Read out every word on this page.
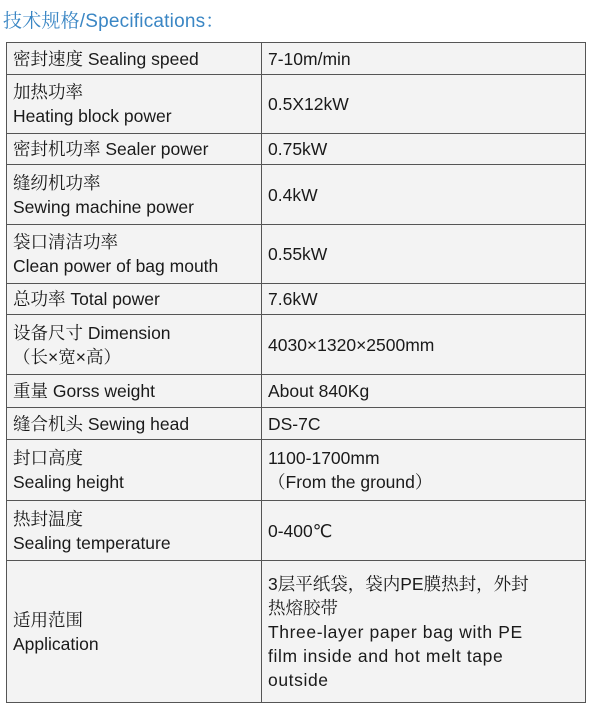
技术规格/Specifications：
密封速度 Sealing speed	7-10m/min

加热功率
Heating block power	0.5X12kW

密封机功率 Sealer power	0.75kW

缝纫机功率
Sewing machine power	0.4kW

袋口清洁功率
Clean power of bag mouth	0.55kW

总功率 Total power	7.6kW

设备尺寸 Dimension
（长×宽×高）	4030×1320×2500mm

重量 Gorss weight	About 840Kg

缝合机头 Sewing head	DS-7C

封口高度
Sealing height	1100-1700mm
（From the ground）

热封温度
Sealing temperature	0-400℃

适用范围
Application	3层平纸袋，袋内PE膜热封，外封
热熔胶带
Three-layer paper bag with PE
film inside and hot melt tape
outside
